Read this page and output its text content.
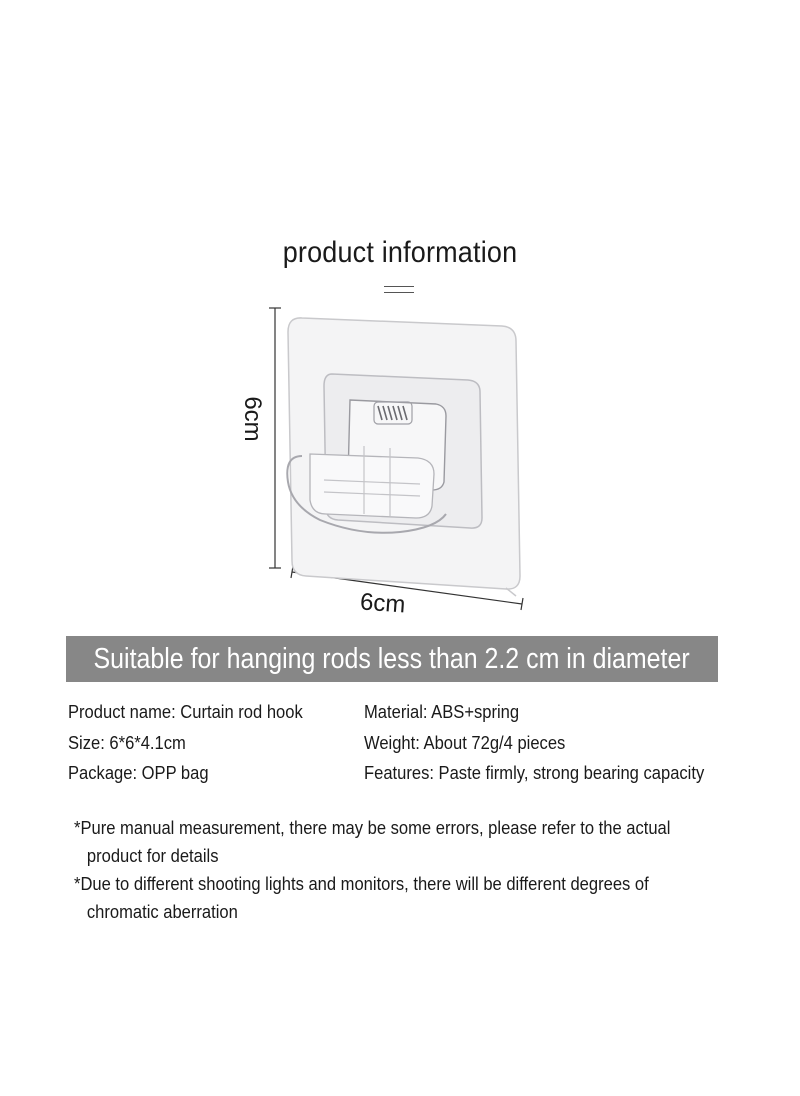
product information
6cm
6cm
Suitable for hanging rods less than 2.2 cm in diameter
Product name: Curtain rod hook
Size: 6*6*4.1cm
Package: OPP bag
Material: ABS+spring
Weight: About 72g/4 pieces
Features: Paste firmly, strong bearing capacity
*Pure manual measurement, there may be some errors, please refer to the actual
product for details
*Due to different shooting lights and monitors, there will be different degrees of
chromatic aberration
